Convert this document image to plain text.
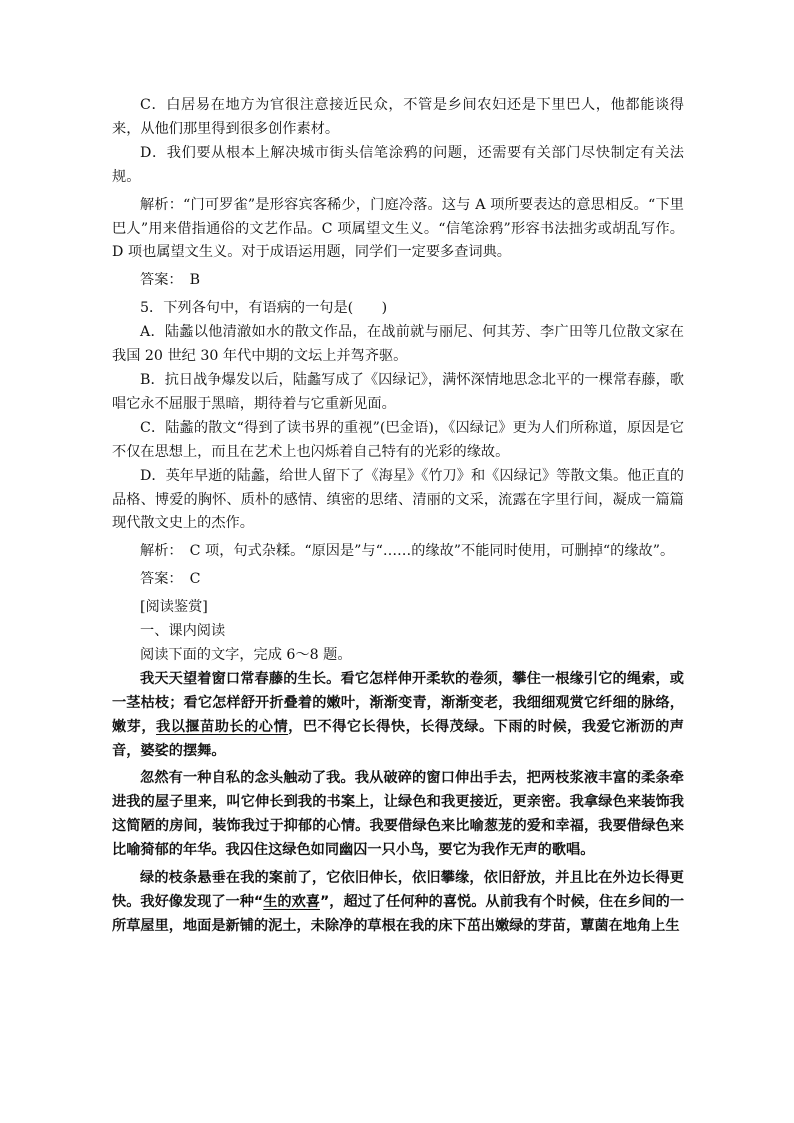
C．白居易在地方为官很注意接近民众，不管是乡间农妇还是下里巴人，他都能谈得来，从他们那里得到很多创作素材。

D．我们要从根本上解决城市街头信笔涂鸦的问题，还需要有关部门尽快制定有关法规。

解析：“门可罗雀”是形容宾客稀少，门庭冷落。这与 A 项所要表达的意思相反。“下里巴人”用来借指通俗的文艺作品。C 项属望文生义。“信笔涂鸦”形容书法拙劣或胡乱写作。D 项也属望文生义。对于成语运用题，同学们一定要多查词典。

答案：　B

5．下列各句中，有语病的一句是(　　)

A．陆蠡以他清澈如水的散文作品，在战前就与丽尼、何其芳、李广田等几位散文家在我国 20 世纪 30 年代中期的文坛上并驾齐驱。

B．抗日战争爆发以后，陆蠡写成了《囚绿记》，满怀深情地思念北平的一棵常春藤，歌唱它永不屈服于黑暗，期待着与它重新见面。

C．陆蠡的散文“得到了读书界的重视”(巴金语)，《囚绿记》更为人们所称道，原因是它不仅在思想上，而且在艺术上也闪烁着自己特有的光彩的缘故。

D．英年早逝的陆蠡，给世人留下了《海星》《竹刀》和《囚绿记》等散文集。他正直的品格、博爱的胸怀、质朴的感情、缜密的思绪、清丽的文采，流露在字里行间，凝成一篇篇现代散文史上的杰作。

解析：　C 项，句式杂糅。“原因是”与“……的缘故”不能同时使用，可删掉“的缘故”。

答案：　C

[阅读鉴赏]

一、课内阅读

阅读下面的文字，完成 6～8 题。

我天天望着窗口常春藤的生长。看它怎样伸开柔软的卷须，攀住一根缘引它的绳索，或一茎枯枝；看它怎样舒开折叠着的嫩叶，渐渐变青，渐渐变老，我细细观赏它纤细的脉络，嫩芽，我以揠苗助长的心情，巴不得它长得快，长得茂绿。下雨的时候，我爱它淅沥的声音，婆娑的摆舞。

忽然有一种自私的念头触动了我。我从破碎的窗口伸出手去，把两枝浆液丰富的柔条牵进我的屋子里来，叫它伸长到我的书案上，让绿色和我更接近，更亲密。我拿绿色来装饰我这简陋的房间，装饰我过于抑郁的心情。我要借绿色来比喻葱茏的爱和幸福，我要借绿色来比喻猗郁的年华。我囚住这绿色如同幽囚一只小鸟，要它为我作无声的歌唱。

绿的枝条悬垂在我的案前了，它依旧伸长，依旧攀缘，依旧舒放，并且比在外边长得更快。我好像发现了一种“生的欢喜”，超过了任何种的喜悦。从前我有个时候，住在乡间的一所草屋里，地面是新铺的泥土，未除净的草根在我的床下茁出嫩绿的芽苗，蕈菌在地角上生
